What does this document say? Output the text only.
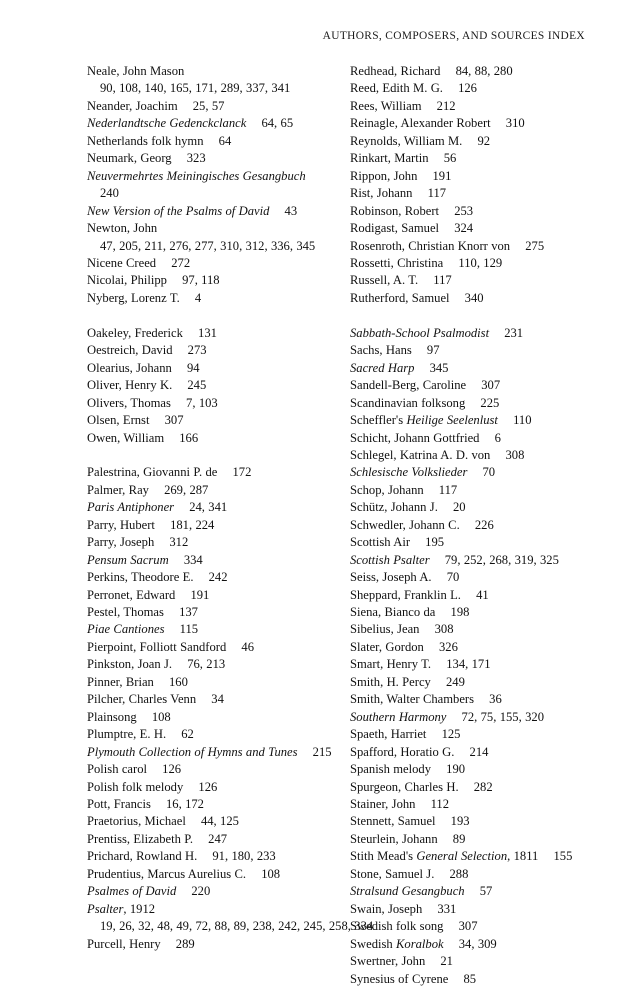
AUTHORS, COMPOSERS, AND SOURCES INDEX
Neale, John Mason  90, 108, 140, 165, 171, 289, 337, 341
Neander, Joachim   25, 57
Nederlandtsche Gedenckclanck   64, 65
Netherlands folk hymn   64
Neumark, Georg   323
Neuvermehrtes Meiningisches Gesangbuch  240
New Version of the Psalms of David   43
Newton, John  47, 205, 211, 276, 277, 310, 312, 336, 345
Nicene Creed   272
Nicolai, Philipp   97, 118
Nyberg, Lorenz T.   4
Oakeley, Frederick   131
Oestreich, David   273
Olearius, Johann   94
Oliver, Henry K.   245
Olivers, Thomas   7, 103
Olsen, Ernst   307
Owen, William   166
Palestrina, Giovanni P. de   172
Palmer, Ray   269, 287
Paris Antiphoner   24, 341
Parry, Hubert   181, 224
Parry, Joseph   312
Pensum Sacrum   334
Perkins, Theodore E.   242
Perronet, Edward   191
Pestel, Thomas   137
Piae Cantiones   115
Pierpoint, Folliott Sandford   46
Pinkston, Joan J.   76, 213
Pinner, Brian   160
Pilcher, Charles Venn   34
Plainsong   108
Plumptre, E. H.   62
Plymouth Collection of Hymns and Tunes   215
Polish carol   126
Polish folk melody   126
Pott, Francis   16, 172
Praetorius, Michael   44, 125
Prentiss, Elizabeth P.   247
Prichard, Rowland H.   91, 180, 233
Prudentius, Marcus Aurelius C.   108
Psalmes of David   220
Psalter, 1912  19, 26, 32, 48, 49, 72, 88, 89, 238, 242, 245, 258, 334
Purcell, Henry   289
Redhead, Richard   84, 88, 280
Reed, Edith M. G.   126
Rees, William   212
Reinagle, Alexander Robert   310
Reynolds, William M.   92
Rinkart, Martin   56
Rippon, John   191
Rist, Johann   117
Robinson, Robert   253
Rodigast, Samuel   324
Rosenroth, Christian Knorr von   275
Rossetti, Christina   110, 129
Russell, A. T.   117
Rutherford, Samuel   340
Sabbath-School Psalmodist   231
Sachs, Hans   97
Sacred Harp   345
Sandell-Berg, Caroline   307
Scandinavian folksong   225
Scheffler's Heilige Seelenlust   110
Schicht, Johann Gottfried   6
Schlegel, Katrina A. D. von   308
Schlesische Volkslieder   70
Schop, Johann   117
Schütz, Johann J.   20
Schwedler, Johann C.   226
Scottish Air   195
Scottish Psalter   79, 252, 268, 319, 325
Seiss, Joseph A.   70
Sheppard, Franklin L.   41
Siena, Bianco da   198
Sibelius, Jean   308
Slater, Gordon   326
Smart, Henry T.   134, 171
Smith, H. Percy   249
Smith, Walter Chambers   36
Southern Harmony   72, 75, 155, 320
Spaeth, Harriet   125
Spafford, Horatio G.   214
Spanish melody   190
Spurgeon, Charles H.   282
Stainer, John   112
Stennett, Samuel   193
Steurlein, Johann   89
Stith Mead's General Selection, 1811   155
Stone, Samuel J.   288
Stralsund Gesangbuch   57
Swain, Joseph   331
Swedish folk song   307
Swedish Koralbok   34, 309
Swertner, John   21
Synesius of Cyrene   85
